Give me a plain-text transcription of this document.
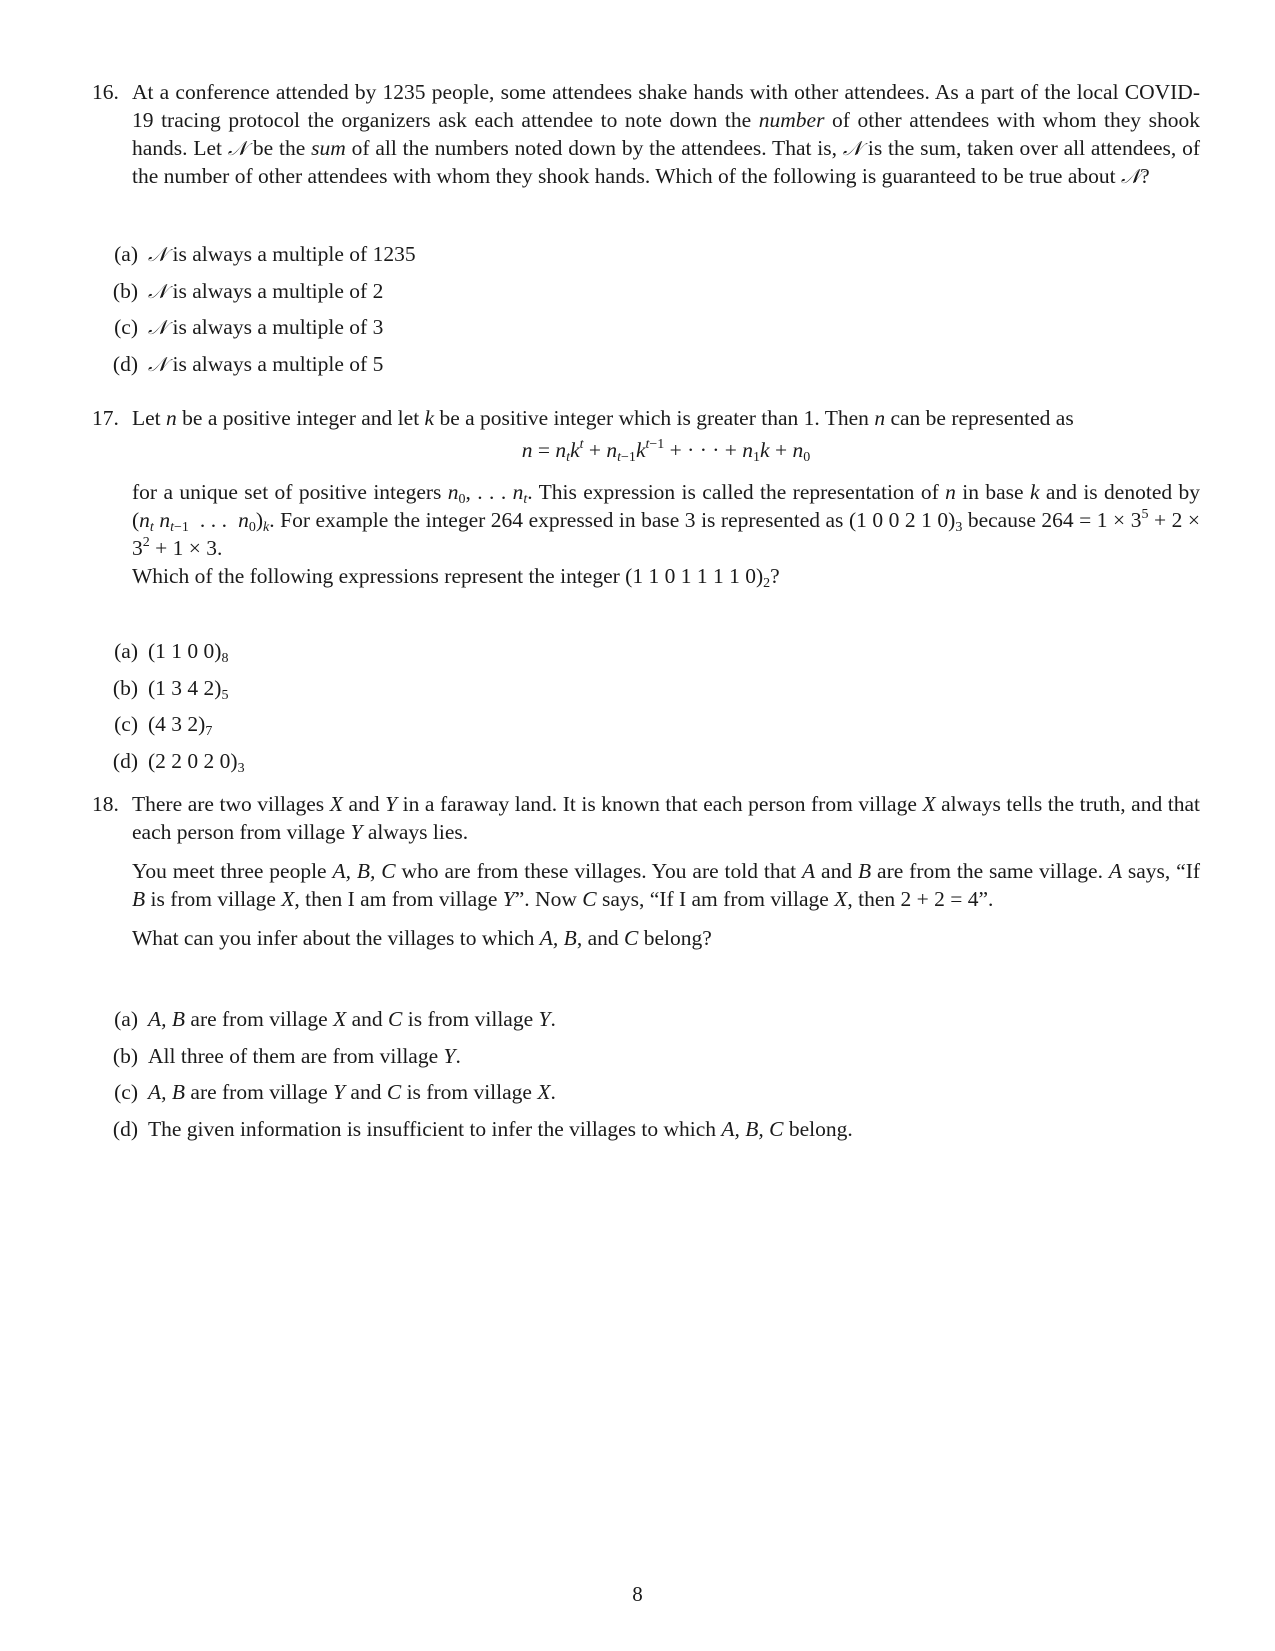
16. At a conference attended by 1235 people, some attendees shake hands with other attendees. As a part of the local COVID-19 tracing protocol the organizers ask each attendee to note down the number of other attendees with whom they shook hands. Let 𝒩 be the sum of all the numbers noted down by the attendees. That is, 𝒩 is the sum, taken over all attendees, of the number of other attendees with whom they shook hands. Which of the following is guaranteed to be true about 𝒩?

(a) 𝒩 is always a multiple of 1235
(b) 𝒩 is always a multiple of 2
(c) 𝒩 is always a multiple of 3
(d) 𝒩 is always a multiple of 5
17. Let n be a positive integer and let k be a positive integer which is greater than 1. Then n can be represented as

$n = n_tk^t + n_{t-1}k^{t-1}$ + · · · + $n_1k + n_0$

for a unique set of positive integers $n_0$, . . . $n_t$. This expression is called the representation of n in base k and is denoted by ($n_t$ $n_{t-1}$  . . .  $n_0)_k$. For example the integer 264 expressed in base 3 is represented as (1 0 0 2 1 $0)_3$ because $264 = 1 \times 3^5 + 2 \times 3^2 + 1 \times 3$.
Which of the following expressions represent the integer (1 1 0 1 1 1 1 $0)_2$?

(a) (1 1 0 $0)_8$
(b) (1 3 4 $2)_5$
(c) (4 3 $2)_7$
(d) (2 2 0 2 $0)_3$
18. There are two villages X and Y in a faraway land. It is known that each person from village X always tells the truth, and that each person from village Y always lies.

You meet three people A, B, C who are from these villages. You are told that A and B are from the same village. A says, “If B is from village X, then I am from village Y”. Now C says, “If I am from village X, then 2 + 2 = 4”.

What can you infer about the villages to which A, B, and C belong?

(a) A, B are from village X and C is from village Y.
(b) All three of them are from village Y.
(c) A, B are from village Y and C is from village X.
(d) The given information is insufficient to infer the villages to which A, B, C belong.
8
